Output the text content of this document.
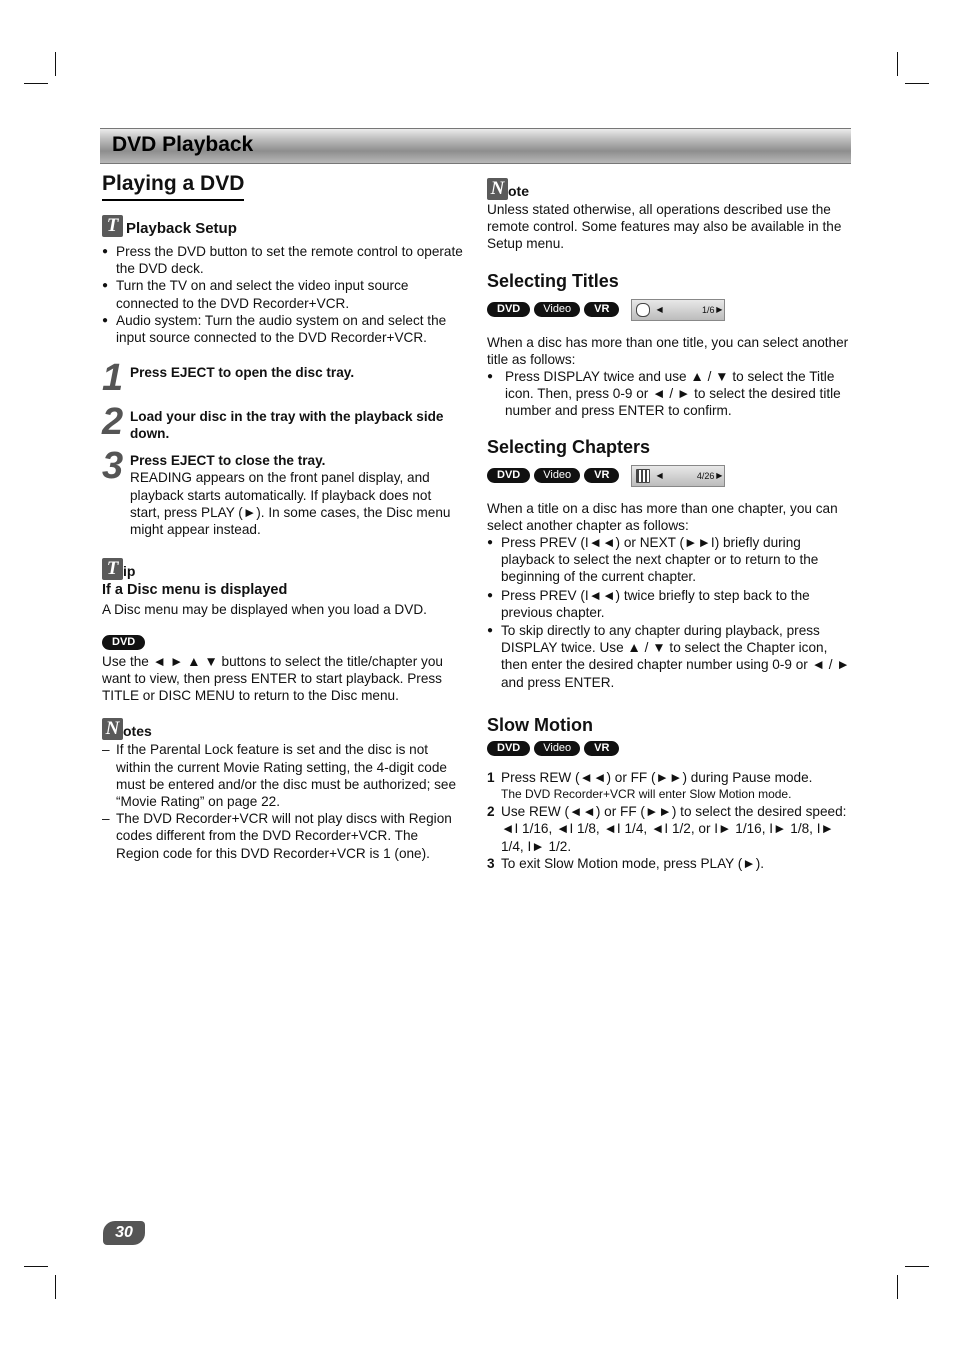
DVD Playback
Playing a DVD
T Playback Setup
● Press the DVD button to set the remote control to operate the DVD deck.
● Turn the TV on and select the video input source connected to the DVD Recorder+VCR.
● Audio system: Turn the audio system on and select the input source connected to the DVD Recorder+VCR.
1 Press EJECT to open the disc tray.
2 Load your disc in the tray with the playback side down.
3 Press EJECT to close the tray.
READING appears on the front panel display, and playback starts automatically. If playback does not start, press PLAY (►). In some cases, the Disc menu might appear instead.
T ip
If a Disc menu is displayed
A Disc menu may be displayed when you load a DVD.
DVD
Use the ◄ ► ▲ ▼ buttons to select the title/chapter you want to view, then press ENTER to start playback. Press TITLE or DISC MENU to return to the Disc menu.
N otes
– If the Parental Lock feature is set and the disc is not within the current Movie Rating setting, the 4-digit code must be entered and/or the disc must be authorized; see “Movie Rating” on page 22.
– The DVD Recorder+VCR will not play discs with Region codes different from the DVD Recorder+VCR. The Region code for this DVD Recorder+VCR is 1 (one).
N ote
Unless stated otherwise, all operations described use the remote control. Some features may also be available in the Setup menu.
Selecting Titles
DVD Video VR	◀	1/6 ▶
When a disc has more than one title, you can select another title as follows:
● Press DISPLAY twice and use ▲ / ▼ to select the Title icon. Then, press 0-9 or ◄ / ► to select the desired title number and press ENTER to confirm.
Selecting Chapters
DVD Video VR	◀	4/26 ▶
When a title on a disc has more than one chapter, you can select another chapter as follows:
● Press PREV (I◄◄) or NEXT (►►I) briefly during playback to select the next chapter or to return to the beginning of the current chapter.
● Press PREV (I◄◄) twice briefly to step back to the previous chapter.
● To skip directly to any chapter during playback, press DISPLAY twice. Use ▲ / ▼ to select the Chapter icon, then enter the desired chapter number using 0-9 or ◄ / ► and press ENTER.
Slow Motion
DVD Video VR
1 Press REW (◄◄) or FF (►►) during Pause mode.
The DVD Recorder+VCR will enter Slow Motion mode.
2 Use REW (◄◄) or FF (►►) to select the desired speed: ◄I 1/16, ◄I 1/8, ◄I 1/4, ◄I 1/2, or I► 1/16, I► 1/8, I► 1/4, I► 1/2.
3 To exit Slow Motion mode, press PLAY (►).
30
